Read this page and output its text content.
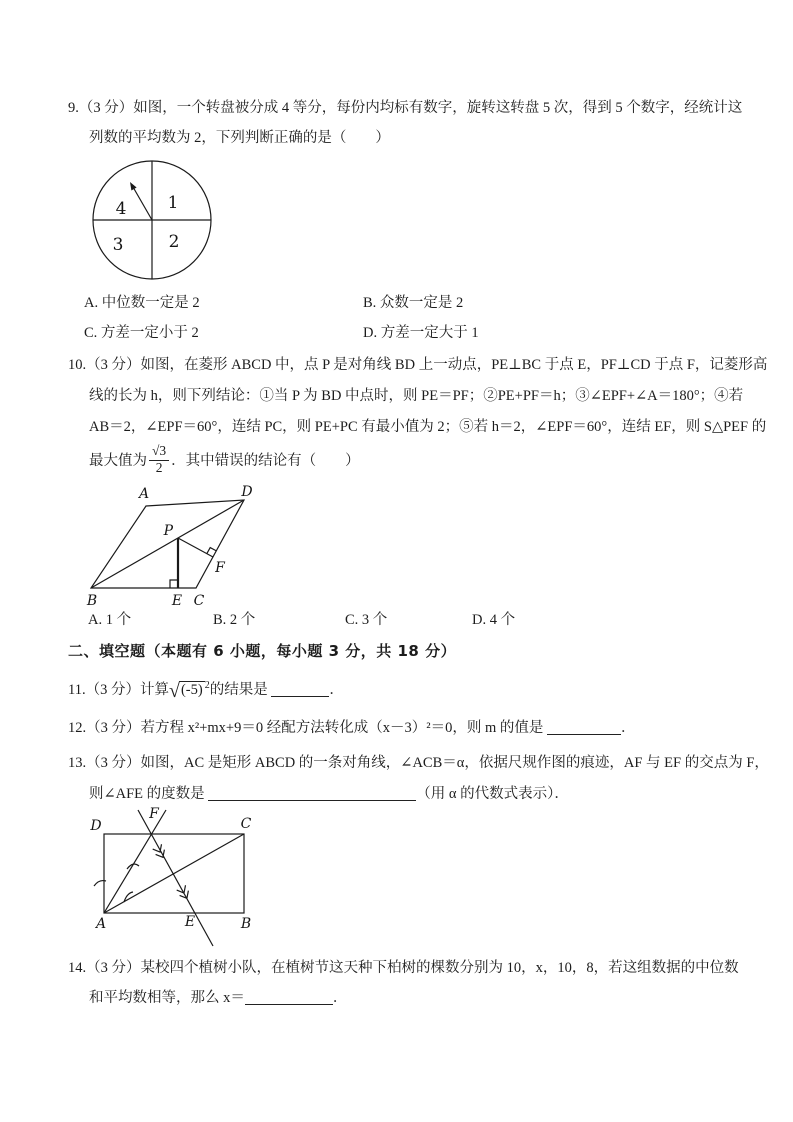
9.（3 分）如图，一个转盘被分成 4 等分，每份内均标有数字，旋转这转盘 5 次，得到 5 个数字，经统计这
列数的平均数为 2，下列判断正确的是（　　）
4 1
3	2
A. 中位数一定是 2	B. 众数一定是 2
C. 方差一定小于 2	D. 方差一定大于 1
10.（3 分）如图，在菱形 ABCD 中，点 P 是对角线 BD 上一动点，PE⊥BC 于点 E，PF⊥CD 于点 F，记菱形高
线的长为 h，则下列结论：①当 P 为 BD 中点时，则 PE＝PF；②PE+PF＝h；③∠EPF+∠A＝180°；④若
AB＝2，∠EPF＝60°，连结 PC，则 PE+PC 有最小值为 2；⑤若 h＝2，∠EPF＝60°，连结 EF，则 S△PEF 的
最大值为 $\frac{√3}{2}$ ．其中错误的结论有（　　）
A	D
B	C
E
P
F
A. 1 个	B. 2 个	C. 3 个	D. 4 个
二、填空题（本题有 6 小题，每小题 3 分，共 18 分）
11.（3 分）计算√ (-5) $^2$的结果是	．
12.（3 分）若方程 x²+mx+9＝0 经配方法转化成（x－3）²＝0，则 m 的值是	．
13.（3 分）如图，AC 是矩形 ABCD 的一条对角线，∠ACB＝α，依据尺规作图的痕迹，AF 与 EF 的交点为 F，
则∠AFE 的度数是	（用 α 的代数式表示）．
D	C
A	B
E
F
14.（3 分）某校四个植树小队，在植树节这天种下柏树的棵数分别为 10，x，10，8，若这组数据的中位数
和平均数相等，那么 x＝	．
